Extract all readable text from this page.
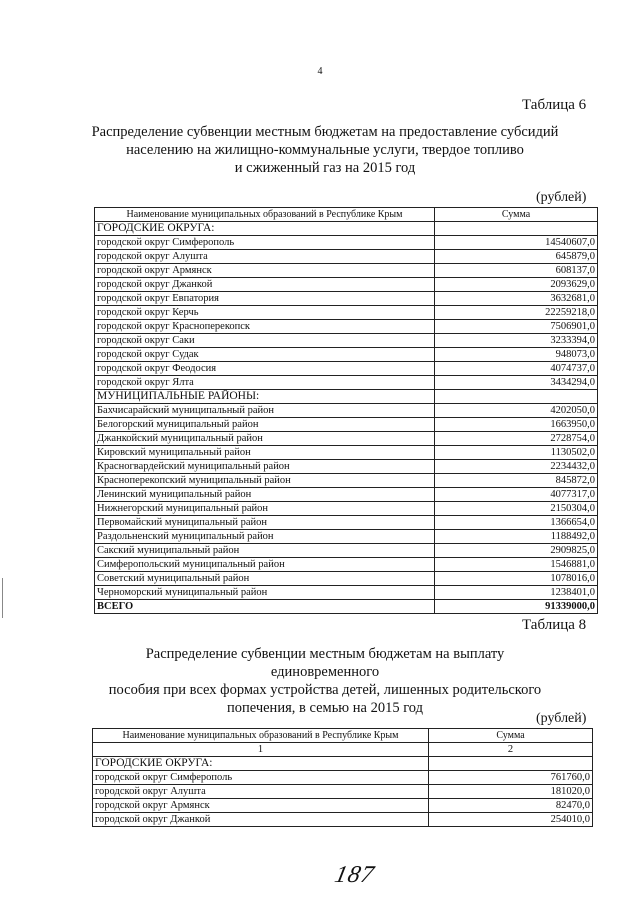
4
Таблица 6
Распределение субвенции местным бюджетам на предоставление субсидий
населению на жилищно-коммунальные услуги, твердое топливо
и сжиженный газ на 2015 год
(рублей)
Наименование муниципальных образований в Республике Крым	Сумма
ГОРОДСКИЕ ОКРУГА:	
городской округ Симферополь	14540607,0
городской округ Алушта	645879,0
городской округ Армянск	608137,0
городской округ Джанкой	2093629,0
городской округ Евпатория	3632681,0
городской округ Керчь	22259218,0
городской округ Красноперекопск	7506901,0
городской округ Саки	3233394,0
городской округ Судак	948073,0
городской округ Феодосия	4074737,0
городской округ Ялта	3434294,0
МУНИЦИПАЛЬНЫЕ РАЙОНЫ:	
Бахчисарайский муниципальный район	4202050,0
Белогорский муниципальный район	1663950,0
Джанкойский муниципальный район	2728754,0
Кировский муниципальный район	1130502,0
Красногвардейский муниципальный район	2234432,0
Красноперекопский муниципальный район	845872,0
Ленинский муниципальный район	4077317,0
Нижнегорский муниципальный район	2150304,0
Первомайский муниципальный район	1366654,0
Раздольненский муниципальный район	1188492,0
Сакский муниципальный район	2909825,0
Симферопольский муниципальный район	1546881,0
Советский муниципальный район	1078016,0
Черноморский муниципальный район	1238401,0
ВСЕГО	91339000,0
Таблица 8
Распределение субвенции местным бюджетам на выплату единовременного
пособия при всех формах устройства детей, лишенных родительского
попечения, в семью на 2015 год
(рублей)
Наименование муниципальных образований в Республике Крым	Сумма
1	2
ГОРОДСКИЕ ОКРУГА:	
городской округ Симферополь	761760,0
городской округ Алушта	181020,0
городской округ Армянск	82470,0
городской округ Джанкой	254010,0
187
